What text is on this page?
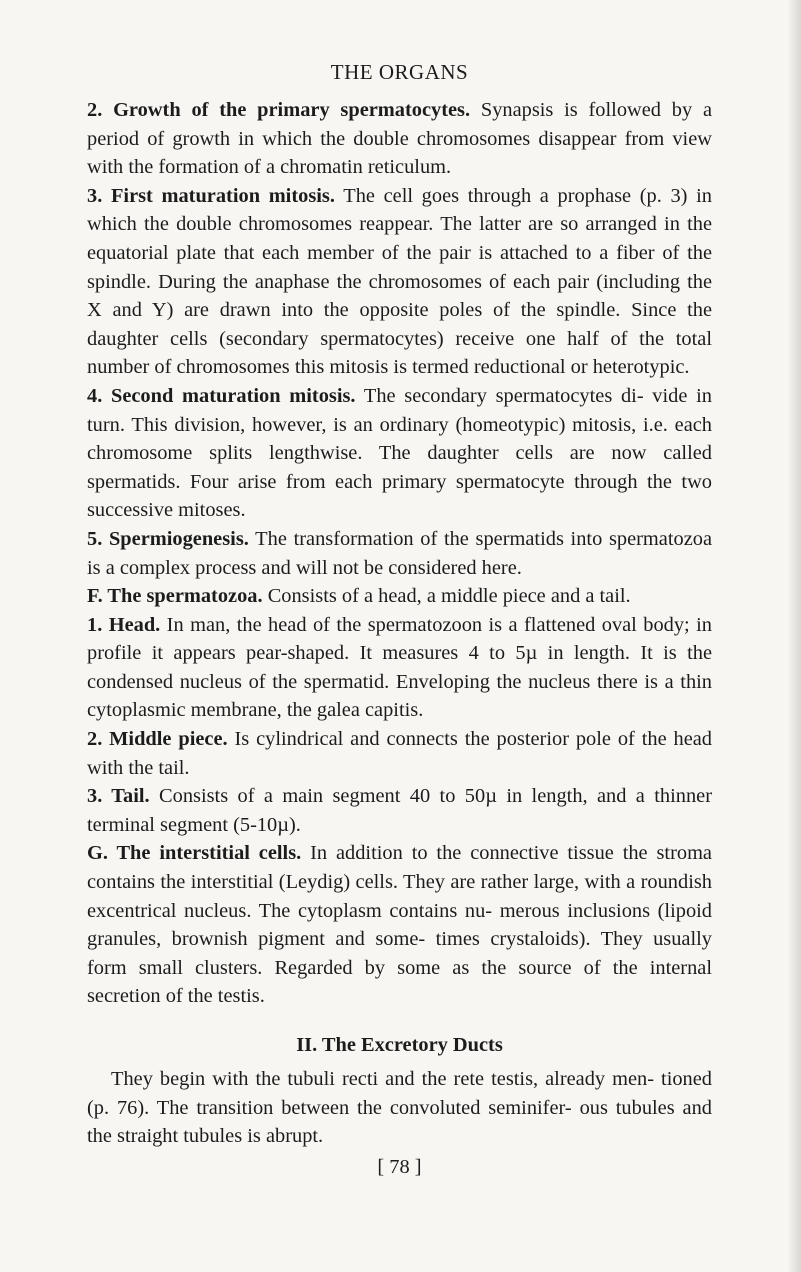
THE ORGANS

2. Growth of the primary spermatocytes. Synapsis is followed by a period of growth in which the double chromosomes disappear from view with the formation of a chromatin reticulum.

3. First maturation mitosis. The cell goes through a prophase (p. 3) in which the double chromosomes reappear. The latter are so arranged in the equatorial plate that each member of the pair is attached to a fiber of the spindle. During the anaphase the chromosomes of each pair (including the X and Y) are drawn into the opposite poles of the spindle. Since the daughter cells (secondary spermatocytes) receive one half of the total number of chromosomes this mitosis is termed reductional or heterotypic.

4. Second maturation mitosis. The secondary spermatocytes di- vide in turn. This division, however, is an ordinary (homeotypic) mitosis, i.e. each chromosome splits lengthwise. The daughter cells are now called spermatids. Four arise from each primary spermatocyte through the two successive mitoses.

5. Spermiogenesis. The transformation of the spermatids into spermatozoa is a complex process and will not be considered here.

F. The spermatozoa. Consists of a head, a middle piece and a tail.

1. Head. In man, the head of the spermatozoon is a flattened oval body; in profile it appears pear-shaped. It measures 4 to 5µ in length. It is the condensed nucleus of the spermatid. Enveloping the nucleus there is a thin cytoplasmic membrane, the galea capitis.

2. Middle piece. Is cylindrical and connects the posterior pole of the head with the tail.

3. Tail. Consists of a main segment 40 to 50µ in length, and a thinner terminal segment (5-10µ).

G. The interstitial cells. In addition to the connective tissue the stroma contains the interstitial (Leydig) cells. They are rather large, with a roundish excentrical nucleus. The cytoplasm contains nu- merous inclusions (lipoid granules, brownish pigment and some- times crystaloids). They usually form small clusters. Regarded by some as the source of the internal secretion of the testis.

II. The Excretory Ducts

They begin with the tubuli recti and the rete testis, already men- tioned (p. 76). The transition between the convoluted seminifer- ous tubules and the straight tubules is abrupt.

[ 78 ]
